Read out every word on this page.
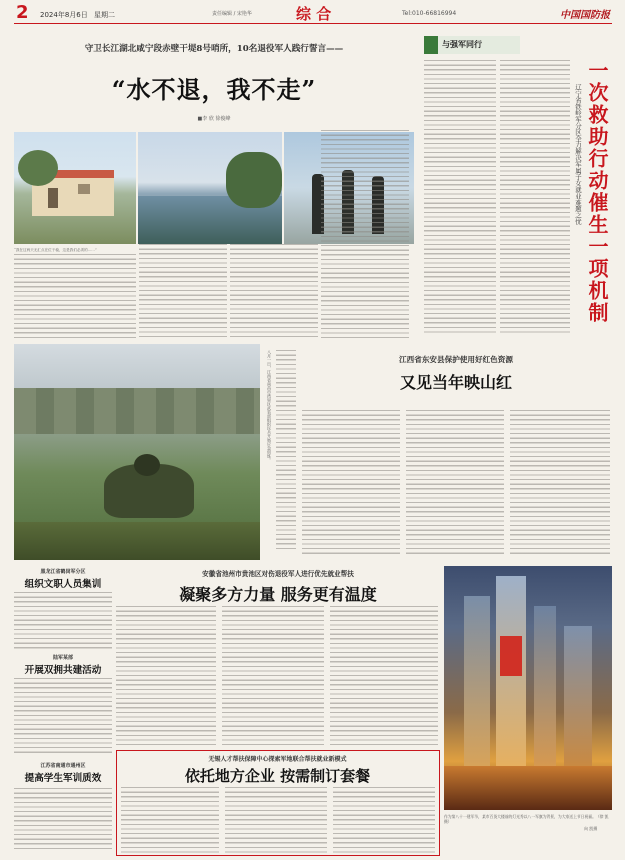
2 2024年8月6日 星期二	责任编辑 / 宋艳华	综 合	Tel:010-66816994	中国国防报
守卫长江湖北咸宁段赤壁干堤8号哨所，10名退役军人践行誓言——
“水不退，我不走”
■李 欣 徐俊峰
“我在这两天无汇点在位于稳，这是我们必须的……”
与强军同行
一次救助行动催生一项机制
辽宁省铁岭军分区全力解决军属子女就业难题之忧
八月一日，江西省南昌市湾里区武装部组织民兵开展应急训练。	江西省东安县保护使用好红色资源
又见当年映山红
黑龙江省鹤岗军分区
组织文职人员集训
陆军某部
开展双拥共建活动
江苏省南通市通州区
提高学生军训质效
安徽省池州市贵池区对伤退役军人进行优先就业帮扶
凝聚多方力量 服务更有温度
无锡人才帮扶保障中心探索军地联合帮扶就业新模式
依托地方企业 按需制订套餐
作为第八十一建军节，某市百货大楼前的灯光秀以八一军旗为背景，为大家送上节日祝福。（徐 凯摄）
向 凯摄
